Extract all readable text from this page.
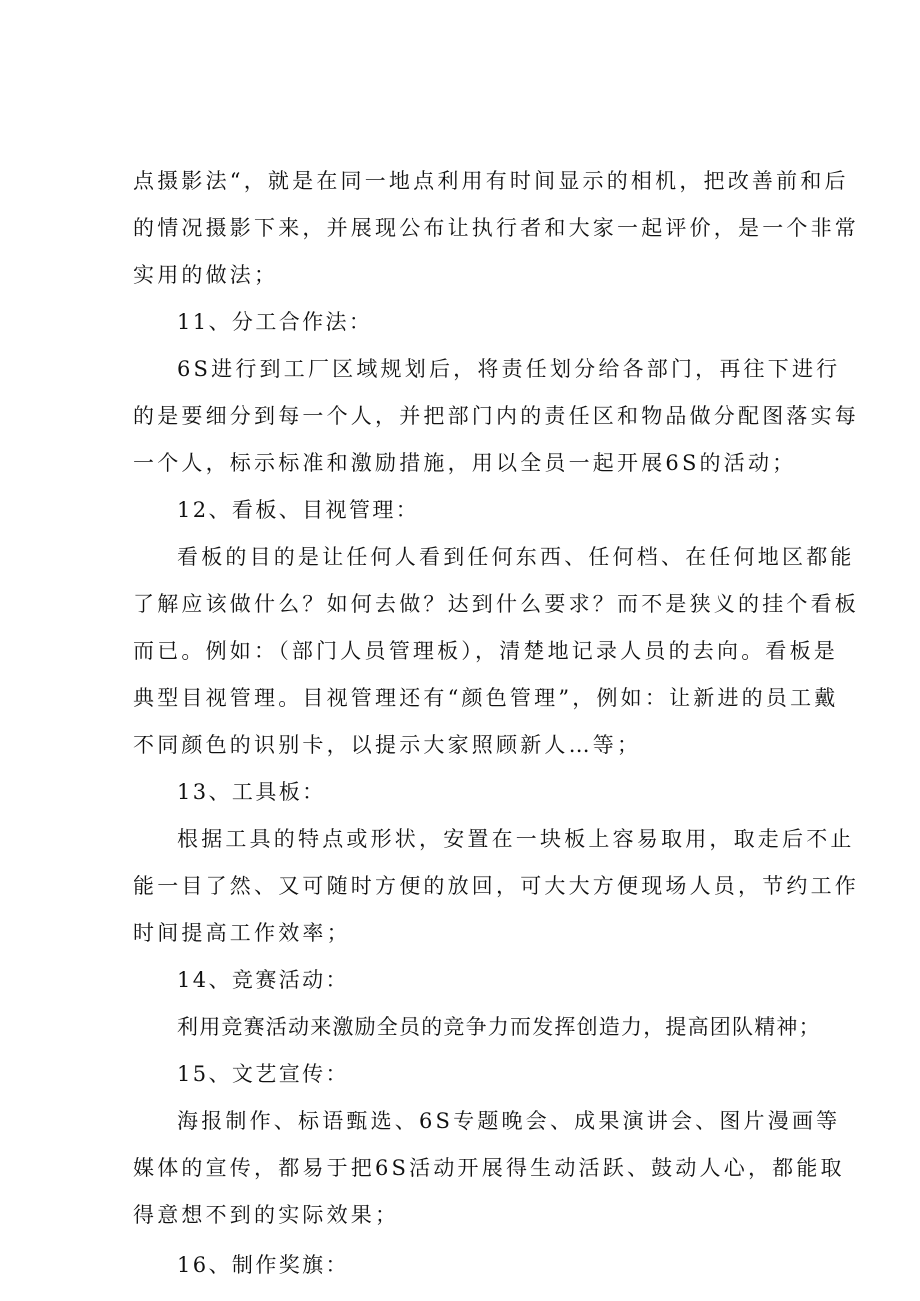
点摄影法“，就是在同一地点利用有时间显示的相机，把改善前和后
的情况摄影下来，并展现公布让执行者和大家一起评价，是一个非常
实用的做法；
11、分工合作法：
6S进行到工厂区域规划后，将责任划分给各部门，再往下进行
的是要细分到每一个人，并把部门内的责任区和物品做分配图落实每
一个人，标示标准和激励措施，用以全员一起开展6S的活动；
12、看板、目视管理：
看板的目的是让任何人看到任何东西、任何档、在任何地区都能
了解应该做什么？如何去做？达到什么要求？而不是狭义的挂个看板
而已。例如：（部门人员管理板），清楚地记录人员的去向。看板是
典型目视管理。目视管理还有“颜色管理”，例如：让新进的员工戴
不同颜色的识别卡，以提示大家照顾新人…等；
13、工具板：
根据工具的特点或形状，安置在一块板上容易取用，取走后不止
能一目了然、又可随时方便的放回，可大大方便现场人员，节约工作
时间提高工作效率；
14、竞赛活动：
利用竞赛活动来激励全员的竞争力而发挥创造力，提高团队精神；
15、文艺宣传：
海报制作、标语甄选、6S专题晚会、成果演讲会、图片漫画等
媒体的宣传，都易于把6S活动开展得生动活跃、鼓动人心，都能取
得意想不到的实际效果；
16、制作奖旗：
